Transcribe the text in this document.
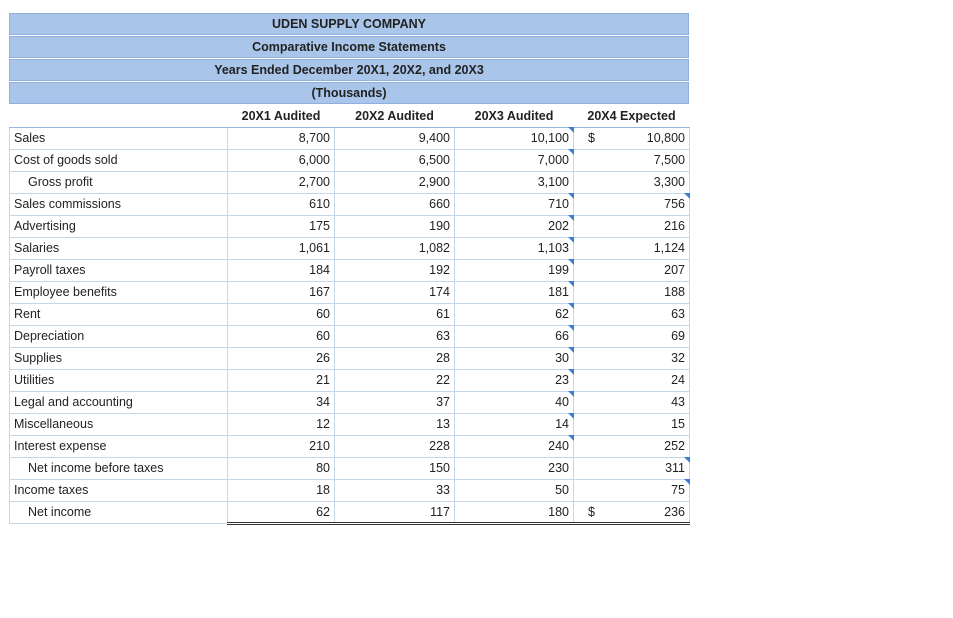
UDEN SUPPLY COMPANY
Comparative Income Statements
Years Ended December 20X1, 20X2, and 20X3
(Thousands)
	20X1 Audited	20X2 Audited	20X3 Audited	20X4 Expected
Sales	8,700	9,400	10,100	$ 10,800
Cost of goods sold	6,000	6,500	7,000	7,500
Gross profit	2,700	2,900	3,100	3,300
Sales commissions	610	660	710	756

Advertising	175	190	202	216
Salaries	1,061	1,082	1,103	1,124
Payroll taxes	184	192	199	207
Employee benefits	167	174	181	188
Rent	60	61	62	63
Depreciation	60	63	66	69
Supplies	26	28	30	32
Utilities	21	22	23	24
Legal and accounting	34	37	40	43
Miscellaneous	12	13	14	15
Interest expense	210	228	240	252
Net income before taxes	80	150	230	311

Income taxes	18	33	50	75

Net income	62	117	180	$ 236
